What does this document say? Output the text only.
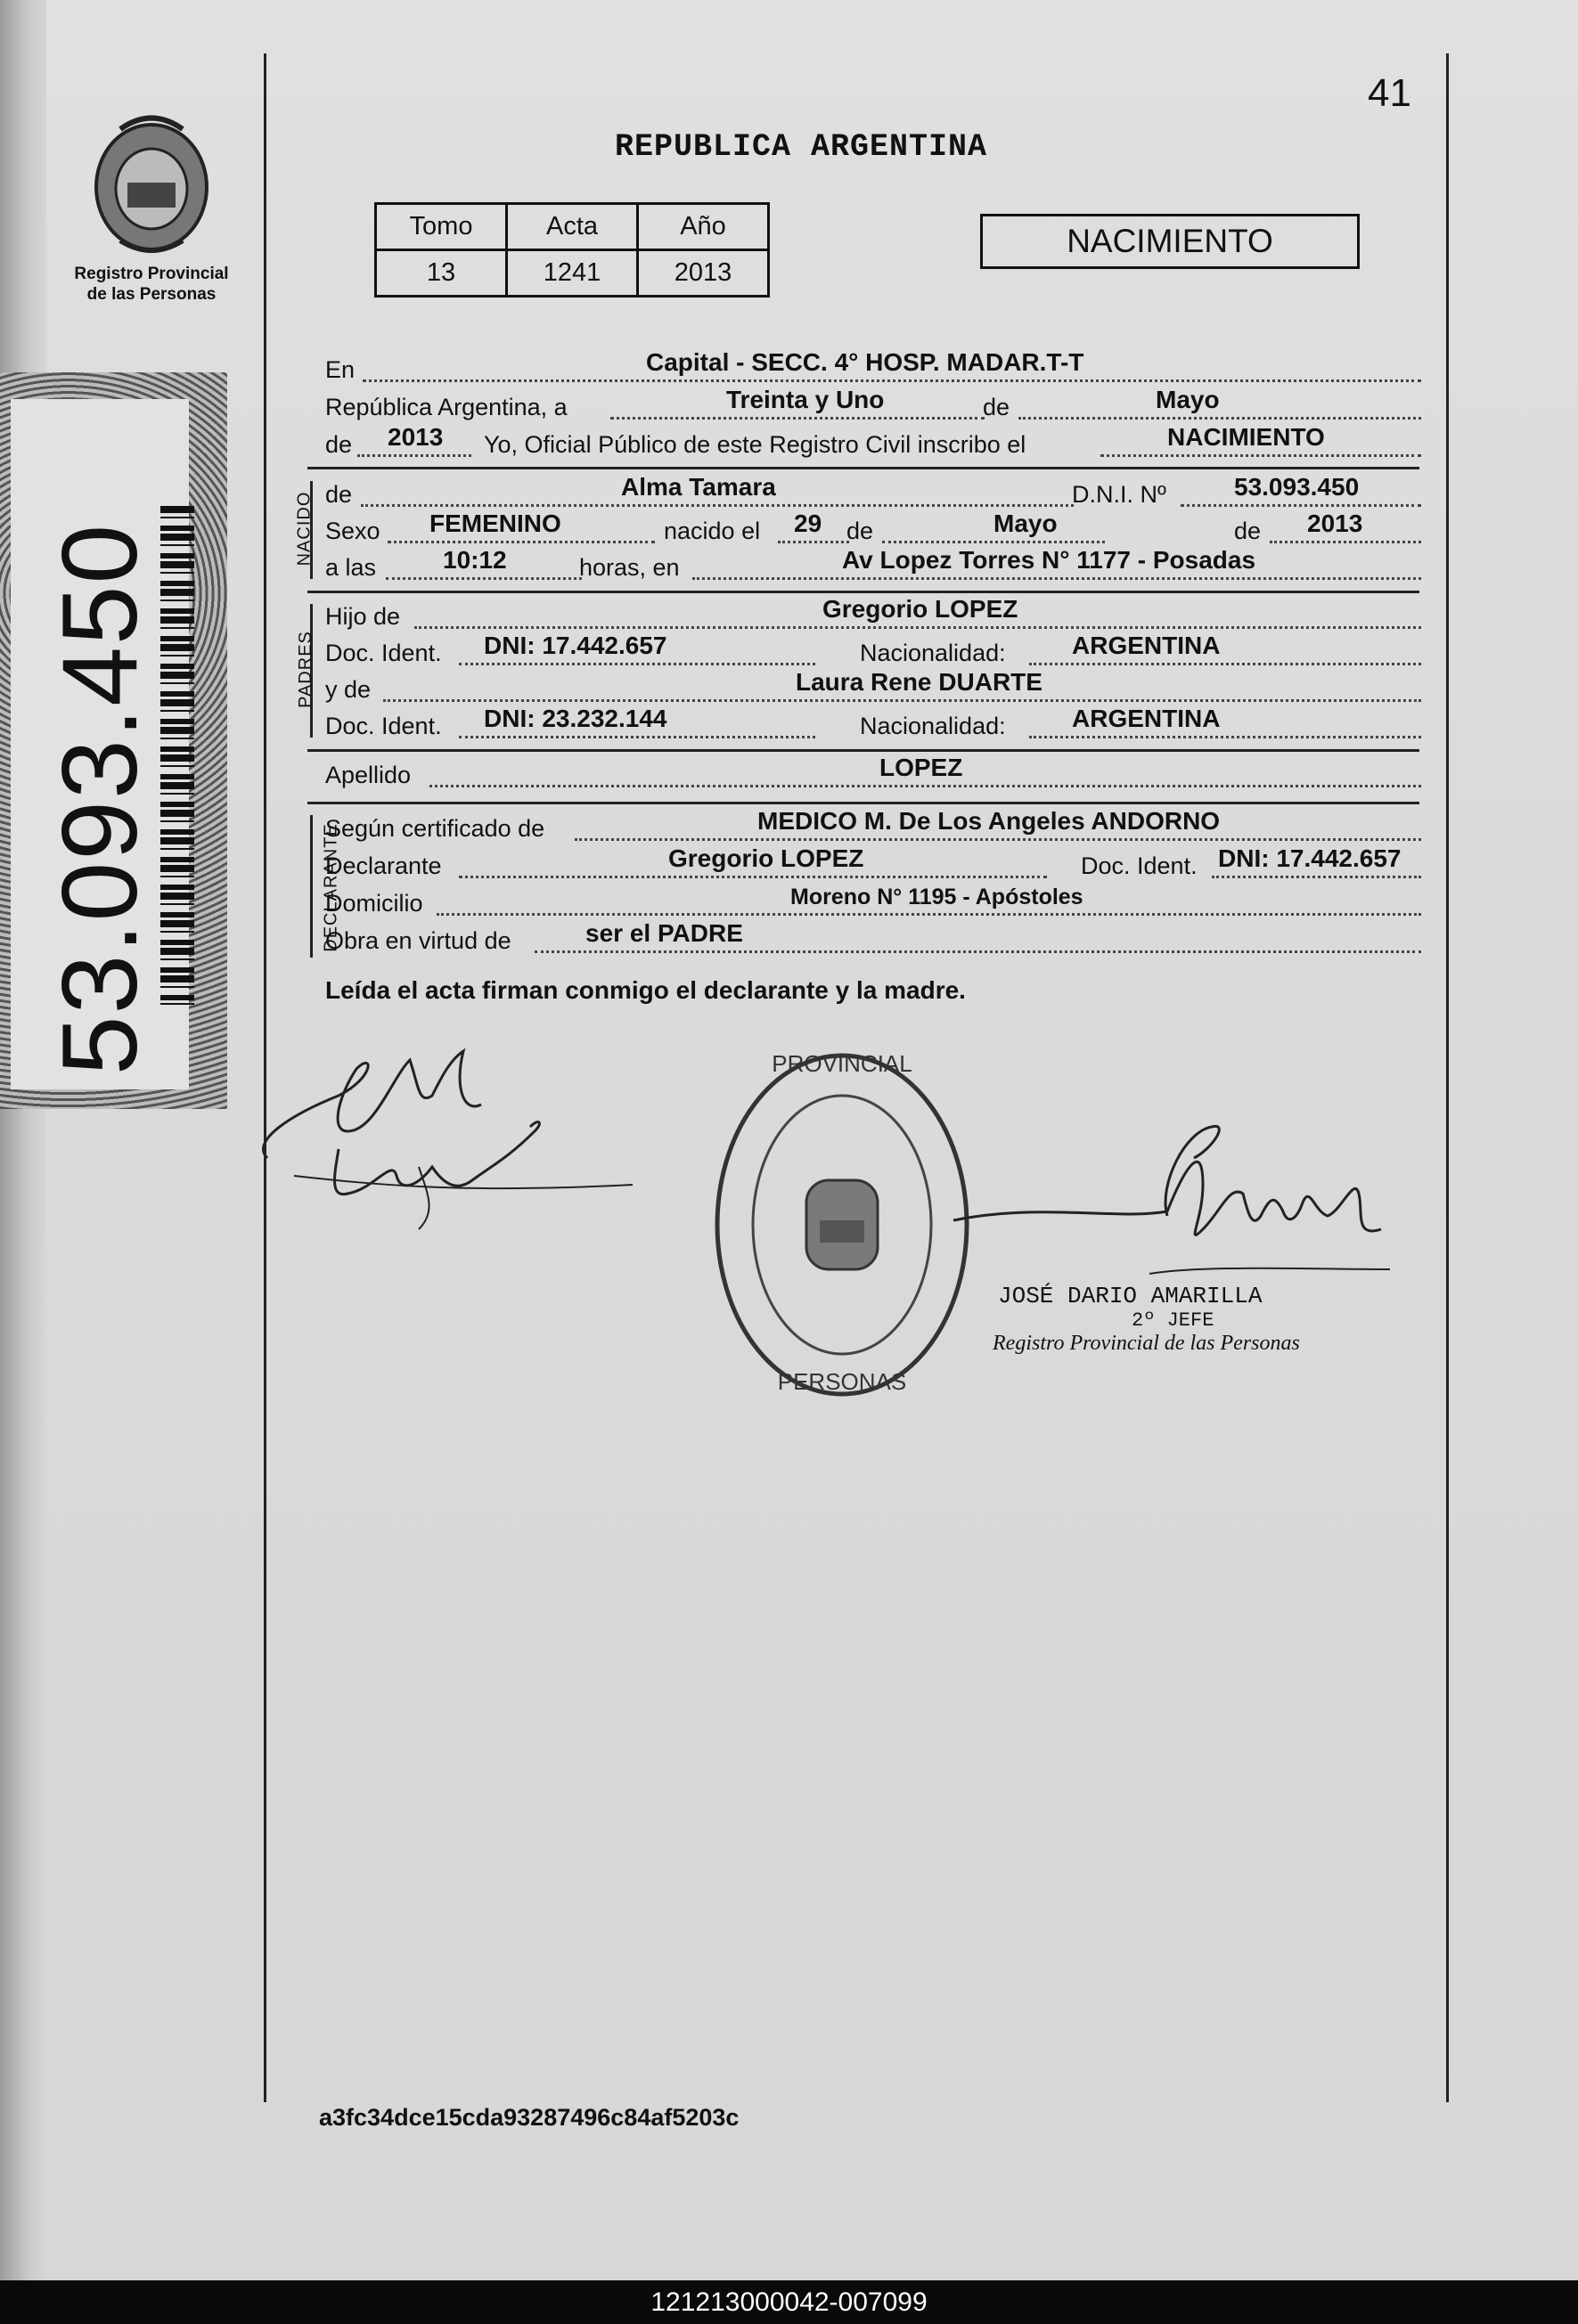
Registro Provincial
de las Personas
53.093.450
41
REPUBLICA ARGENTINA
Tomo	Acta	Año
13	1241	2013
NACIMIENTO
En	Capital - SECC. 4° HOSP. MADAR.T-T
República Argentina, a	Treinta y Uno	de	Mayo
de 2013 Yo, Oficial Público de este Registro Civil inscribo el	NACIMIENTO
NACIDO de	Alma Tamara	D.N.I. Nº	53.093.450
Sexo FEMENINO	nacido el 29 de	Mayo	de 2013
a las	10:12	horas, en	Av Lopez Torres N° 1177 - Posadas
PADRES
Hijo de	Gregorio LOPEZ
Doc. Ident. DNI: 17.442.657	Nacionalidad:	ARGENTINA
y de	Laura Rene DUARTE
Doc. Ident. DNI: 23.232.144	Nacionalidad:	ARGENTINA
Apellido	LOPEZ
DECLARANTE
Según certificado de	MEDICO M. De Los Angeles ANDORNO
Declarante	Gregorio LOPEZ	Doc. Ident. DNI: 17.442.657
Domicilio	Moreno N° 1195 - Apóstoles
Obra en virtud de	ser el PADRE
Leída el acta firman conmigo el declarante y la madre.
PROVINCIAL
PERSONAS
JOSÉ DARIO AMARILLA
2º JEFE
Registro Provincial de las Personas
a3fc34dce15cda93287496c84af5203c
121213000042-007099
